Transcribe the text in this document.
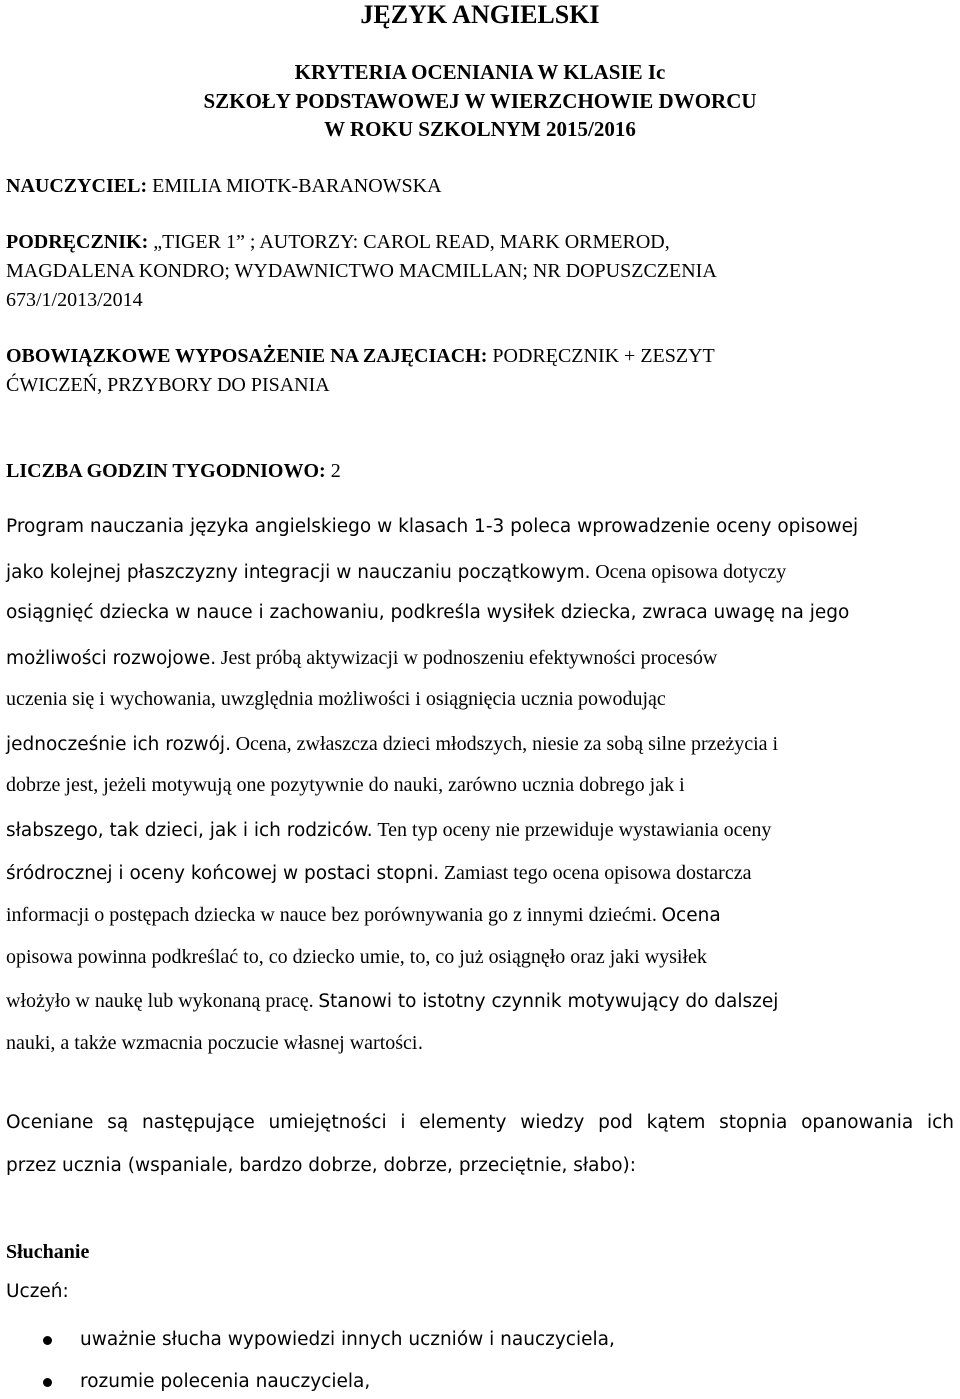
JĘZYK ANGIELSKI
KRYTERIA OCENIANIA W KLASIE Ic
SZKOŁY PODSTAWOWEJ W WIERZCHOWIE DWORCU
W ROKU SZKOLNYM 2015/2016
NAUCZYCIEL: EMILIA MIOTK-BARANOWSKA
PODRĘCZNIK: „TIGER 1” ; AUTORZY: CAROL READ, MARK ORMEROD,
MAGDALENA KONDRO; WYDAWNICTWO MACMILLAN; NR DOPUSZCZENIA
673/1/2013/2014
OBOWIĄZKOWE WYPOSAŻENIE NA ZAJĘCIACH: PODRĘCZNIK + ZESZYT
ĆWICZEŃ, PRZYBORY DO PISANIA
LICZBA GODZIN TYGODNIOWO: 2
Program nauczania języka angielskiego w klasach 1-3 poleca wprowadzenie oceny opisowej
jako kolejnej płaszczyzny integracji w nauczaniu początkowym. Ocena opisowa dotyczy
osiągnięć dziecka w nauce i zachowaniu, podkreśla wysiłek dziecka, zwraca uwagę na jego
możliwości rozwojowe. Jest próbą aktywizacji w podnoszeniu efektywności procesów
uczenia się i wychowania, uwzględnia możliwości i osiągnięcia ucznia powodując
jednocześnie ich rozwój. Ocena, zwłaszcza dzieci młodszych, niesie za sobą silne przeżycia i
dobrze jest, jeżeli motywują one pozytywnie do nauki, zarówno ucznia dobrego jak i
słabszego, tak dzieci, jak i ich rodziców. Ten typ oceny nie przewiduje wystawiania oceny
śródrocznej i oceny końcowej w postaci stopni. Zamiast tego ocena opisowa dostarcza
informacji o postępach dziecka w nauce bez porównywania go z innymi dziećmi. Ocena
opisowa powinna podkreślać to, co dziecko umie, to, co już osiągnęło oraz jaki wysiłek
włożyło w naukę lub wykonaną pracę. Stanowi to istotny czynnik motywujący do dalszej
nauki, a także wzmacnia poczucie własnej wartości.
Oceniane są następujące umiejętności i elementy wiedzy pod kątem stopnia opanowania ich
przez ucznia (wspaniale, bardzo dobrze, dobrze, przeciętnie, słabo):
Słuchanie
Uczeń:
uważnie słucha wypowiedzi innych uczniów i nauczyciela,
rozumie polecenia nauczyciela,
